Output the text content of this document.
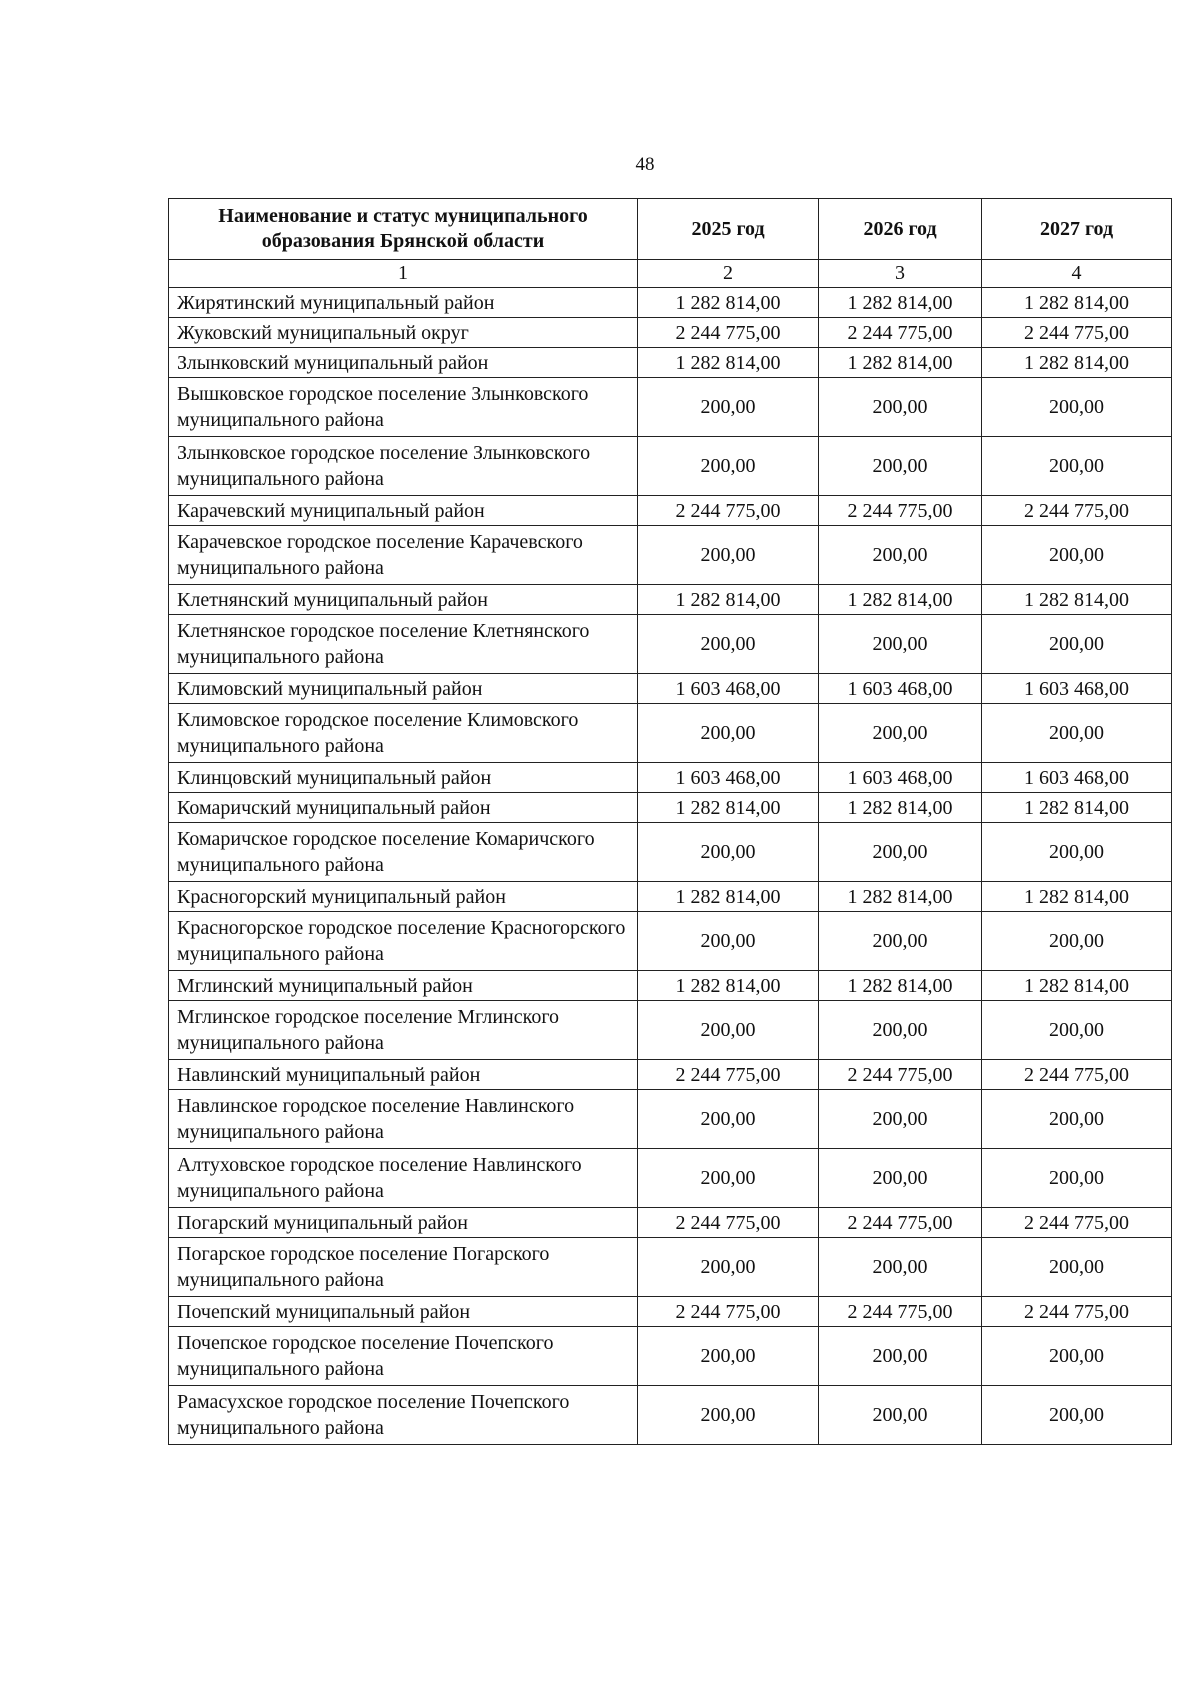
48
Наименование и статус муниципального образования Брянской области	2025 год	2026 год	2027 год
1	2	3	4
Жирятинский муниципальный район	1 282 814,00	1 282 814,00	1 282 814,00
Жуковский муниципальный округ	2 244 775,00	2 244 775,00	2 244 775,00
Злынковский муниципальный район	1 282 814,00	1 282 814,00	1 282 814,00
Вышковское городское поселение Злынковского муниципального района	200,00	200,00	200,00
Злынковское городское поселение Злынковского муниципального района	200,00	200,00	200,00
Карачевский муниципальный район	2 244 775,00	2 244 775,00	2 244 775,00
Карачевское городское поселение Карачевского муниципального района	200,00	200,00	200,00
Клетнянский муниципальный район	1 282 814,00	1 282 814,00	1 282 814,00
Клетнянское городское поселение Клетнянского муниципального района	200,00	200,00	200,00
Климовский муниципальный район	1 603 468,00	1 603 468,00	1 603 468,00
Климовское городское поселение Климовского муниципального района	200,00	200,00	200,00
Клинцовский муниципальный район	1 603 468,00	1 603 468,00	1 603 468,00
Комаричский муниципальный район	1 282 814,00	1 282 814,00	1 282 814,00
Комаричское городское поселение Комаричского муниципального района	200,00	200,00	200,00
Красногорский муниципальный район	1 282 814,00	1 282 814,00	1 282 814,00
Красногорское городское поселение Красногорского муниципального района	200,00	200,00	200,00
Мглинский муниципальный район	1 282 814,00	1 282 814,00	1 282 814,00
Мглинское городское поселение Мглинского муниципального района	200,00	200,00	200,00
Навлинский муниципальный район	2 244 775,00	2 244 775,00	2 244 775,00
Навлинское городское поселение Навлинского муниципального района	200,00	200,00	200,00
Алтуховское городское поселение Навлинского муниципального района	200,00	200,00	200,00
Погарский муниципальный район	2 244 775,00	2 244 775,00	2 244 775,00
Погарское городское поселение Погарского муниципального района	200,00	200,00	200,00
Почепский муниципальный район	2 244 775,00	2 244 775,00	2 244 775,00
Почепское городское поселение Почепского муниципального района	200,00	200,00	200,00
Рамасухское городское поселение Почепского муниципального района	200,00	200,00	200,00
